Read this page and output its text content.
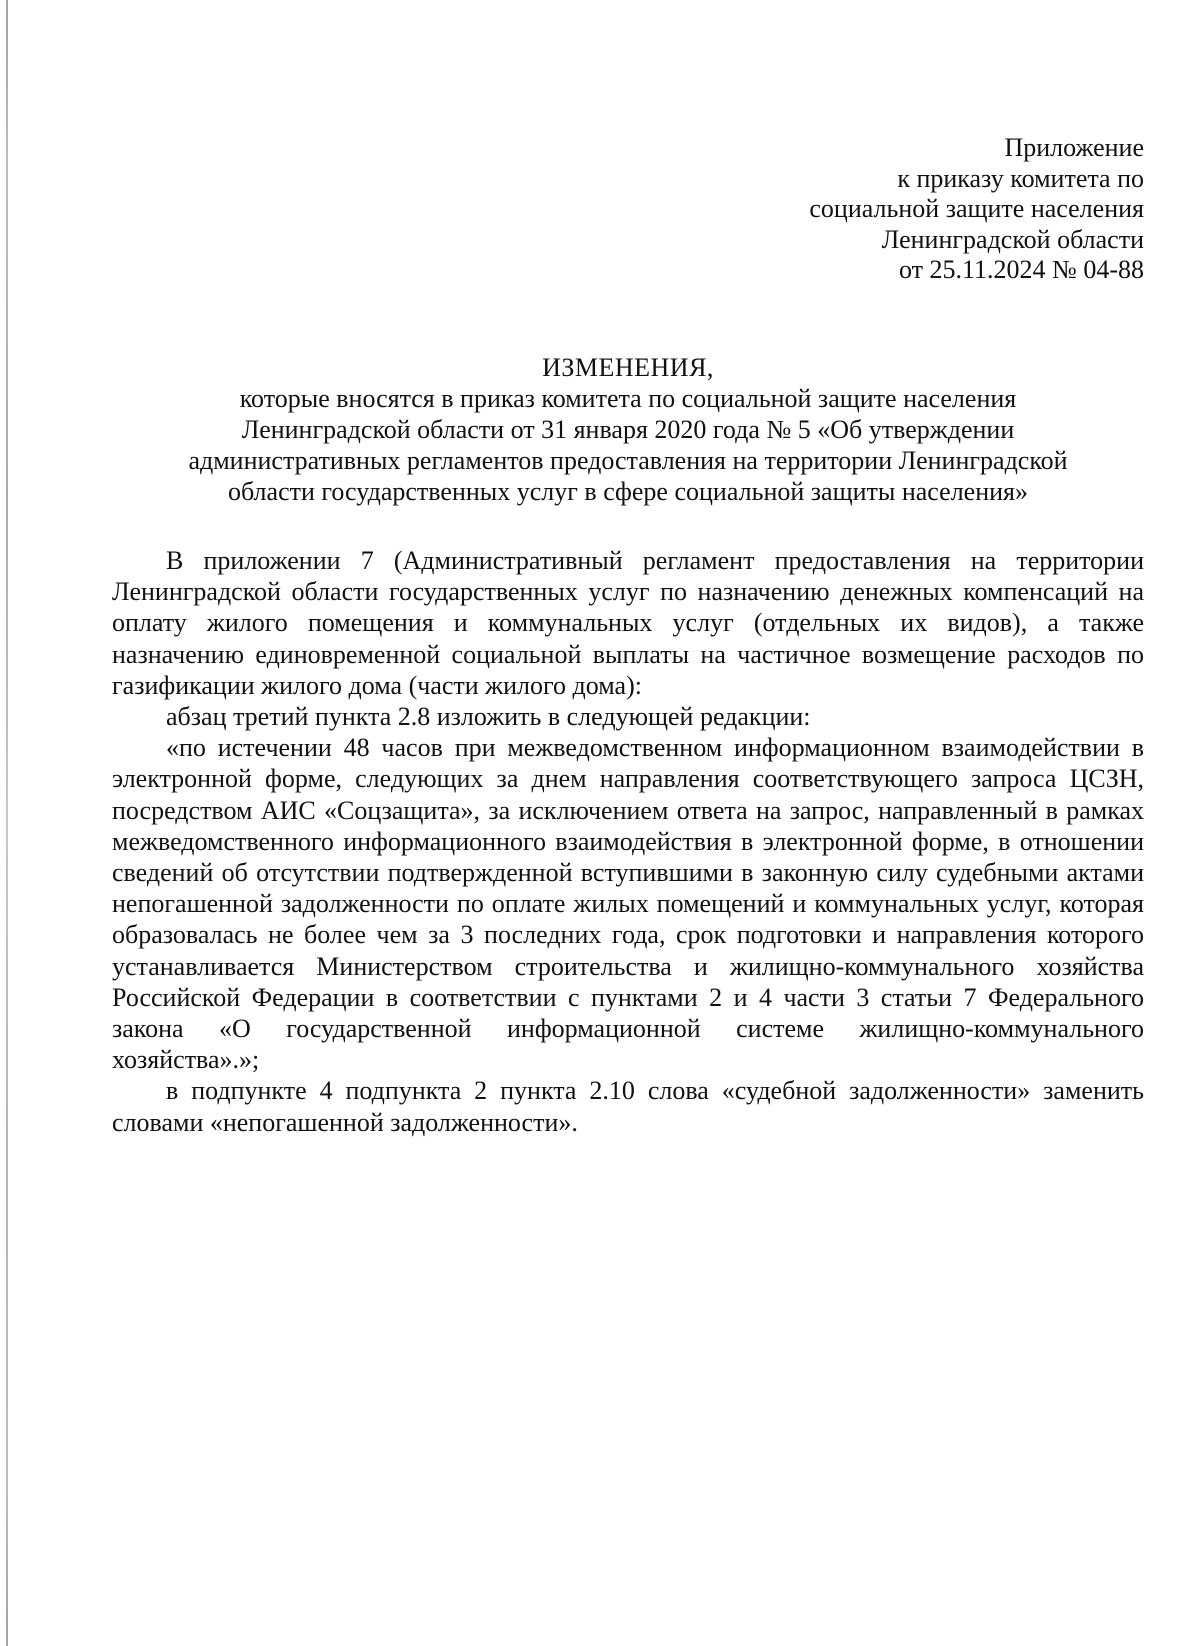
Приложение
к приказу комитета по
социальной защите населения
Ленинградской области
от 25.11.2024 № 04-88
ИЗМЕНЕНИЯ,
которые вносятся в приказ комитета по социальной защите населения
Ленинградской области от 31 января 2020 года № 5 «Об утверждении
административных регламентов предоставления на территории Ленинградской
области государственных услуг в сфере социальной защиты населения»

В приложении 7 (Административный регламент предоставления на территории Ленинградской области государственных услуг по назначению денежных компенсаций на оплату жилого помещения и коммунальных услуг (отдельных их видов), а также назначению единовременной социальной выплаты на частичное возмещение расходов по газификации жилого дома (части жилого дома):

абзац третий пункта 2.8 изложить в следующей редакции:

«по истечении 48 часов при межведомственном информационном взаимодействии в электронной форме, следующих за днем направления соответствующего запроса ЦСЗН, посредством АИС «Соцзащита», за исключением ответа на запрос, направленный в рамках межведомственного информационного взаимодействия в электронной форме, в отношении сведений об отсутствии подтвержденной вступившими в законную силу судебными актами непогашенной задолженности по оплате жилых помещений и коммунальных услуг, которая образовалась не более чем за 3 последних года, срок подготовки и направления которого устанавливается Министерством строительства и жилищно-коммунального хозяйства Российской Федерации в соответствии с пунктами 2 и 4 части 3 статьи 7 Федерального закона «О государственной информационной системе жилищно-коммунального хозяйства».»;

в подпункте 4 подпункта 2 пункта 2.10 слова «судебной задолженности» заменить словами «непогашенной задолженности».
